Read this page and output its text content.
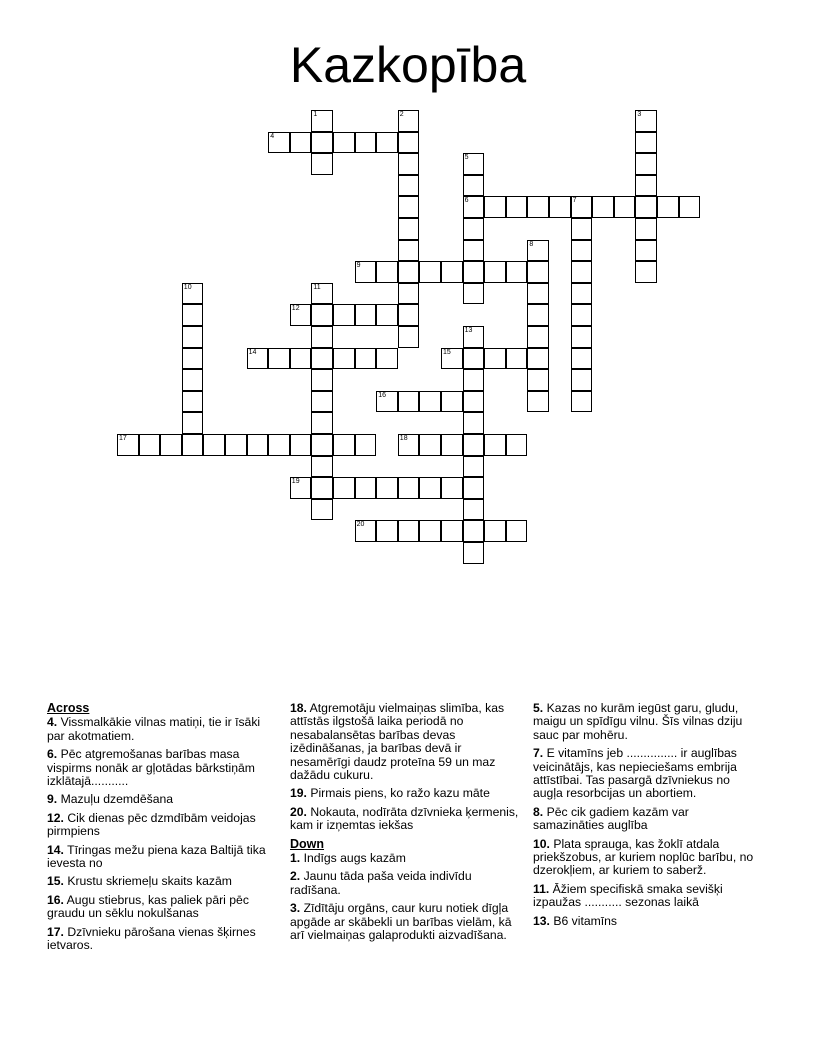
Kazkopība
1	2	3
4
5
6	7
8
9
10	11
12
13
14	15
16
17	18
19
20
Across
4. Vissmalkākie vilnas matiņi, tie ir īsāki par akotmatiem.
6. Pēc atgremošanas barības masa vispirms nonāk ar gļotādas bārkstiņām izklātajā...........
9. Mazuļu dzemdēšana
12. Cik dienas pēc dzmdībām veidojas pirmpiens
14. Tīringas mežu piena kaza Baltijā tika ievesta no
15. Krustu skriemeļu skaits kazām
16. Augu stiebrus, kas paliek pāri pēc graudu un sēklu nokulšanas
17. Dzīvnieku pārošana vienas šķirnes ietvaros.
18. Atgremotāju vielmaiņas slimība, kas attīstās ilgstošā laika periodā no nesabalansētas barības devas izēdināšanas, ja barības devā ir nesamērīgi daudz proteīna 59 un maz dažādu cukuru.
19. Pirmais piens, ko ražo kazu māte
20. Nokauta, nodīrāta dzīvnieka ķermenis, kam ir izņemtas iekšas
Down
1. Indīgs augs kazām
2. Jaunu tāda paša veida indivīdu radīšana.
3. Zīdītāju orgāns, caur kuru notiek dīgļa apgāde ar skābekli un barības vielām, kā arī vielmaiņas galaprodukti aizvadīšana.
5. Kazas no kurām iegūst garu, gludu, maigu un spīdīgu vilnu. Šīs vilnas dziju sauc par mohēru.
7. E vitamīns jeb ............... ir auglības veicinātājs, kas nepieciešams embrija attīstībai. Tas pasargā dzīvniekus no augļa resorbcijas un abortiem.
8. Pēc cik gadiem kazām var samazināties auglība
10. Plata sprauga, kas žoklī atdala priekšzobus, ar kuriem noplūc barību, no dzerokļiem, ar kuriem to saberž.
11. Āžiem specifiskā smaka sevišķi izpaužas ........... sezonas laikā
13. B6 vitamīns
